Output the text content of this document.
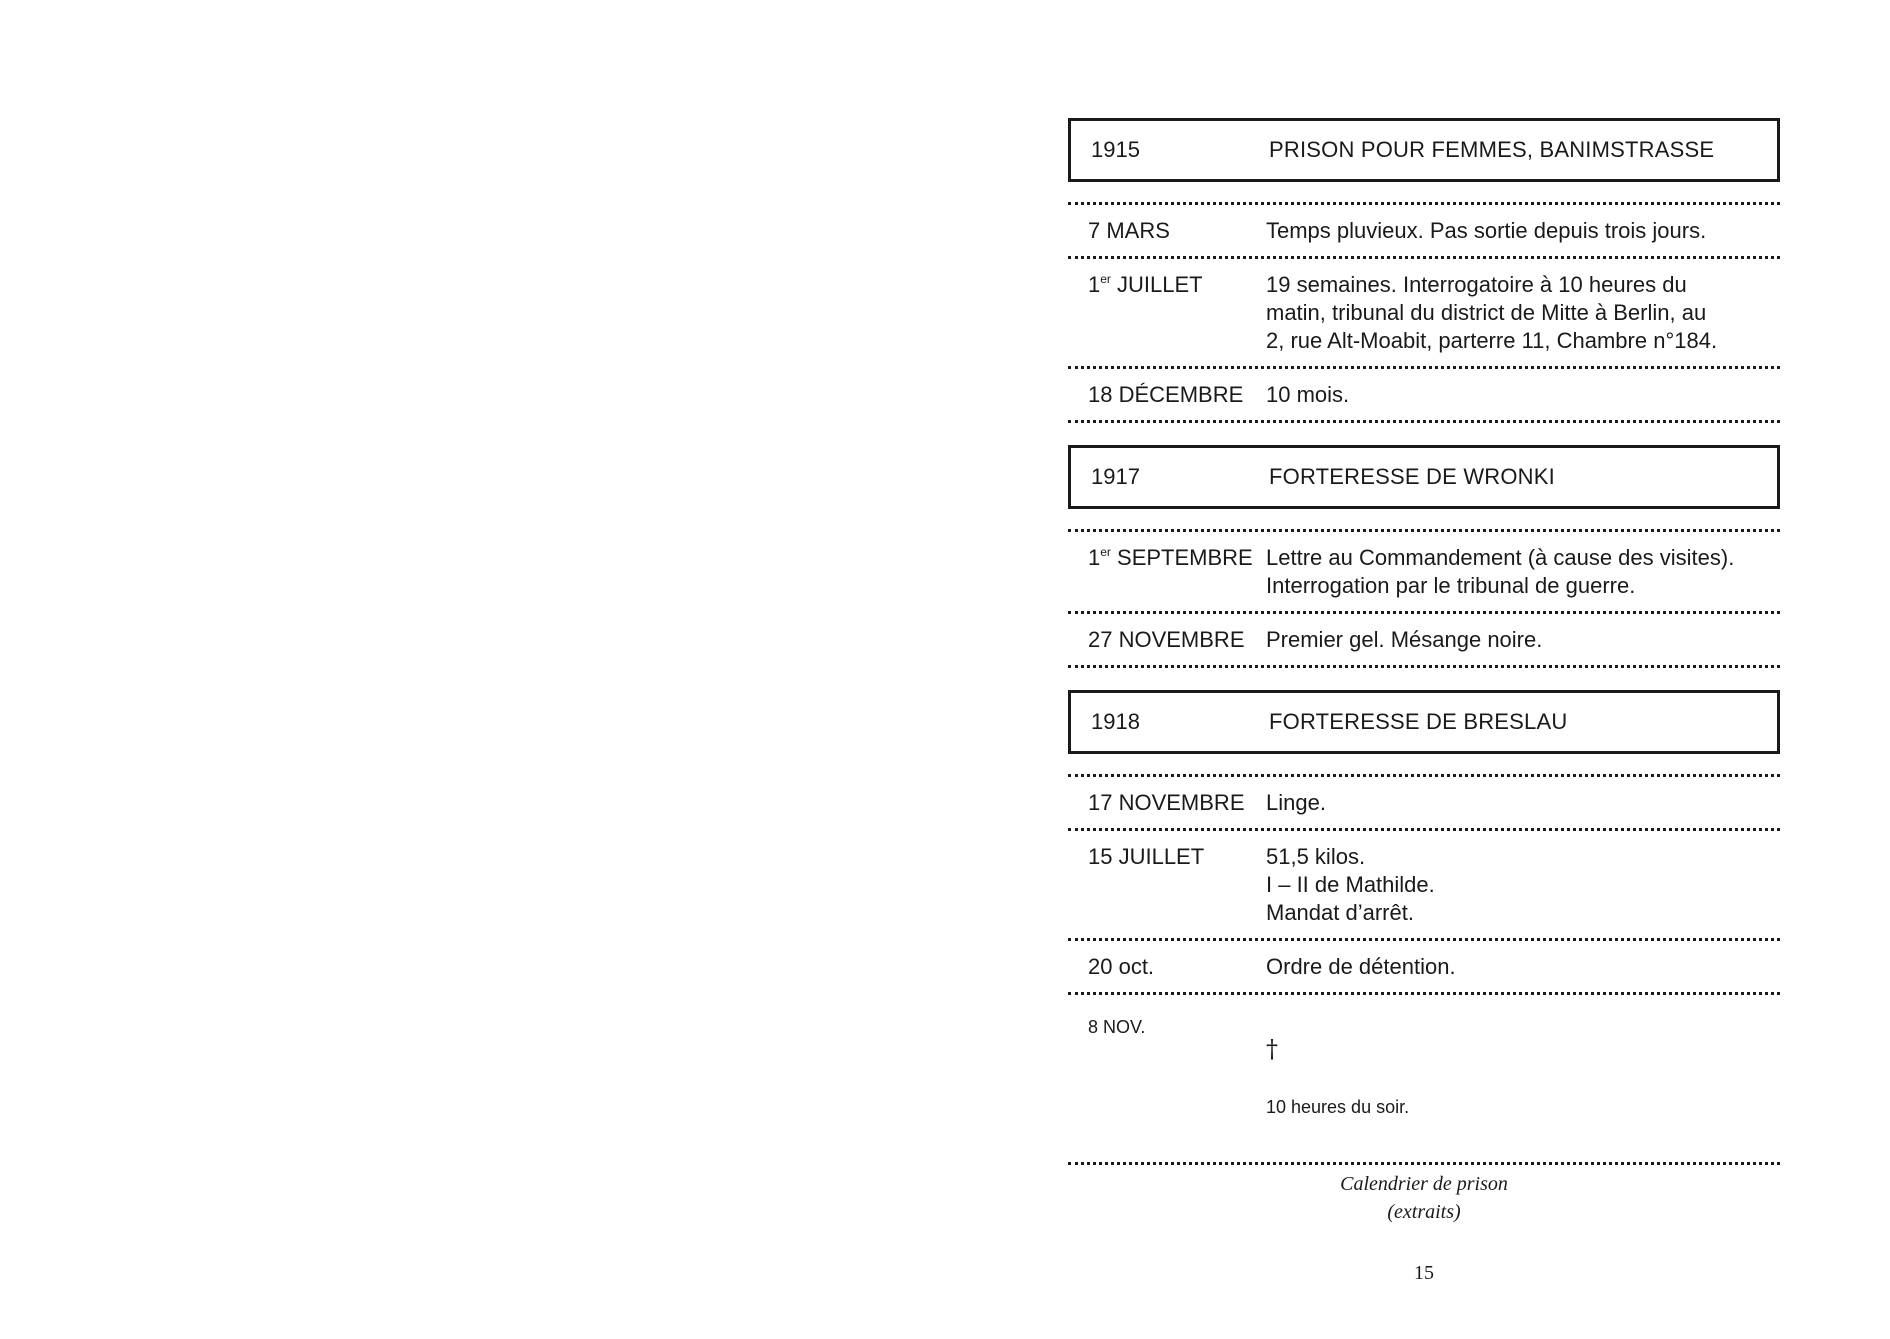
1915	PRISON POUR FEMMES, BANIMSTRASSE
7 MARS	Temps pluvieux. Pas sortie depuis trois jours.
1er JUILLET	19 semaines. Interrogatoire à 10 heures du
matin, tribunal du district de Mitte à Berlin, au
2, rue Alt-Moabit, parterre 11, Chambre n°184.
18 DÉCEMBRE	10 mois.
1917	FORTERESSE DE WRONKI
1er SEPTEMBRE Lettre au Commandement (à cause des visites).
Interrogation par le tribunal de guerre.
27 NOVEMBRE Premier gel. Mésange noire.
1918	FORTERESSE DE BRESLAU
17 NOVEMBRE Linge.
15 JUILLET	51,5 kilos.
I – II de Mathilde.
Mandat d’arrêt.
20 oct.	Ordre de détention.
8 NOV.

†

10 heures du soir.

Calendrier de prison
(extraits)
15
